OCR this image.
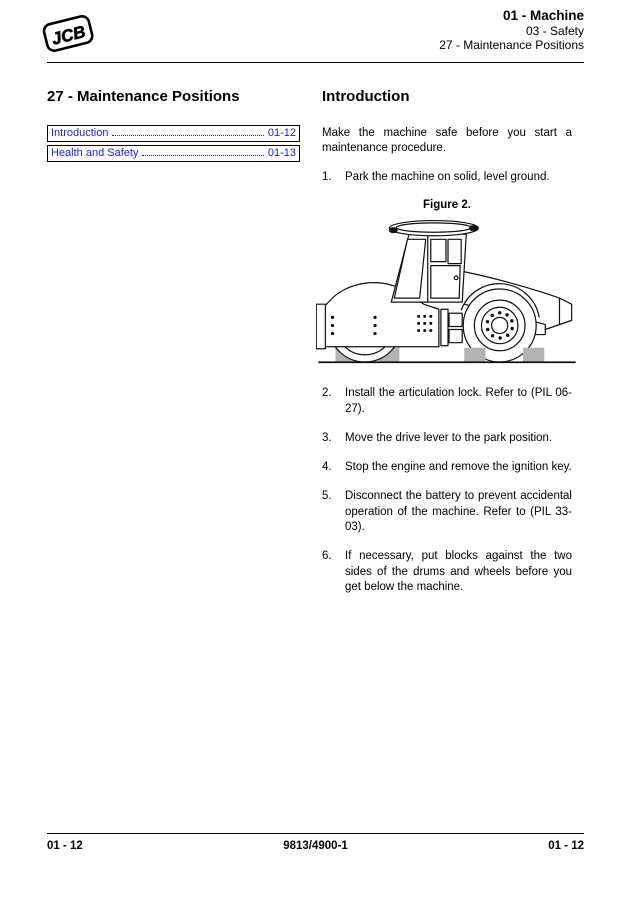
JCB
01 - Machine
03 - Safety
27 - Maintenance Positions
27 - Maintenance Positions
Introduction	01-12
Health and Safety	01-13
Introduction

Make the machine safe before you start a maintenance procedure.

1.	Park the machine on solid, level ground.
Figure 2.
2.	Install the articulation lock. Refer to (PIL 06-27).
3.	Move the drive lever to the park position.
4.	Stop the engine and remove the ignition key.
5.	Disconnect the battery to prevent accidental operation of the machine. Refer to (PIL 33-03).
6.	If necessary, put blocks against the two sides of the drums and wheels before you get below the machine.
01 - 12	9813/4900-1	01 - 12
